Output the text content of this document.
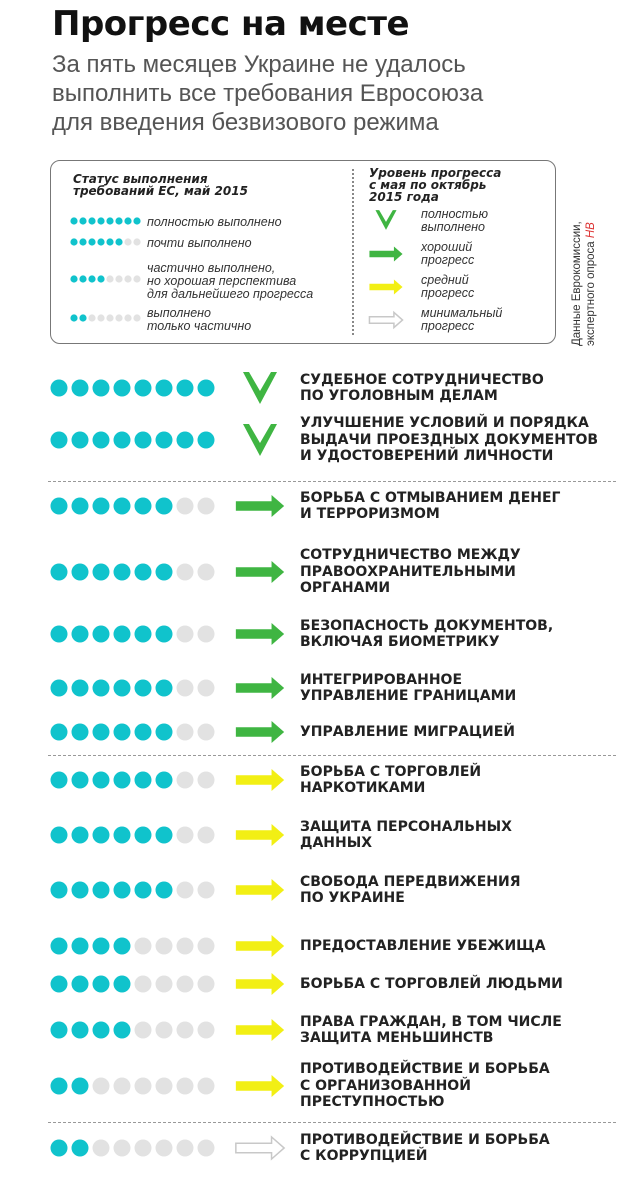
Прогресс на месте
За пять месяцев Украине не удалось
выполнить все требования Евросоюза
для введения безвизового режима
Статус выполнения
требований ЕС, май 2015
полностью выполнено
почти выполнено
частично выполнено,
но хорошая перспектива
для дальнейшего прогресса
выполнено
только частично
Уровень прогресса
с мая по октябрь
2015 года
полностью
выполнено
хороший
прогресс
средний
прогресс
минимальный
прогресс	Данные Еврокомиссии, экспертного опроса НВ
СУДЕБНОЕ СОТРУДНИЧЕСТВО
ПО УГОЛОВНЫМ ДЕЛАМ
УЛУЧШЕНИЕ УСЛОВИЙ И ПОРЯДКА
ВЫДАЧИ ПРОЕЗДНЫХ ДОКУМЕНТОВ
И УДОСТОВЕРЕНИЙ ЛИЧНОСТИ
БОРЬБА С ОТМЫВАНИЕМ ДЕНЕГ
И ТЕРРОРИЗМОМ
СОТРУДНИЧЕСТВО МЕЖДУ
ПРАВООХРАНИТЕЛЬНЫМИ
ОРГАНАМИ
БЕЗОПАСНОСТЬ ДОКУМЕНТОВ,
ВКЛЮЧАЯ БИОМЕТРИКУ
ИНТЕГРИРОВАННОЕ
УПРАВЛЕНИЕ ГРАНИЦАМИ
УПРАВЛЕНИЕ МИГРАЦИЕЙ
БОРЬБА С ТОРГОВЛЕЙ
НАРКОТИКАМИ
ЗАЩИТА ПЕРСОНАЛЬНЫХ
ДАННЫХ
СВОБОДА ПЕРЕДВИЖЕНИЯ
ПО УКРАИНЕ
ПРЕДОСТАВЛЕНИЕ УБЕЖИЩА
БОРЬБА С ТОРГОВЛЕЙ ЛЮДЬМИ
ПРАВА ГРАЖДАН, В ТОМ ЧИСЛЕ
ЗАЩИТА МЕНЬШИНСТВ
ПРОТИВОДЕЙСТВИЕ И БОРЬБА
С ОРГАНИЗОВАННОЙ
ПРЕСТУПНОСТЬЮ
ПРОТИВОДЕЙСТВИЕ И БОРЬБА
С КОРРУПЦИЕЙ
